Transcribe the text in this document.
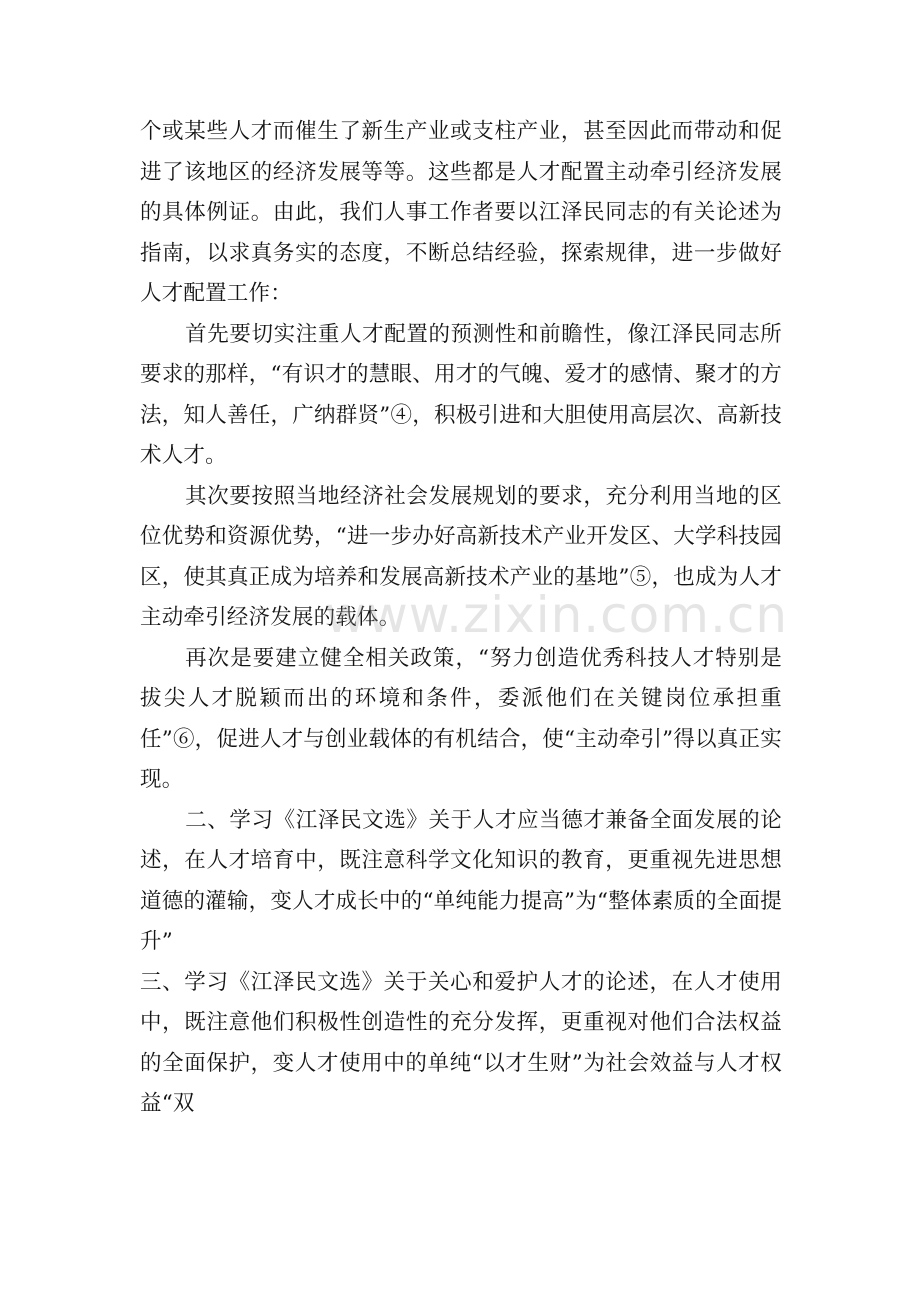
个或某些人才而催生了新生产业或支柱产业，甚至因此而带动和促进了该地区的经济发展等等。这些都是人才配置主动牵引经济发展的具体例证。由此，我们人事工作者要以江泽民同志的有关论述为指南，以求真务实的态度，不断总结经验，探索规律，进一步做好人才配置工作：

首先要切实注重人才配置的预测性和前瞻性，像江泽民同志所要求的那样，“有识才的慧眼、用才的气魄、爱才的感情、聚才的方法，知人善任，广纳群贤”④，积极引进和大胆使用高层次、高新技术人才。

其次要按照当地经济社会发展规划的要求，充分利用当地的区位优势和资源优势，“进一步办好高新技术产业开发区、大学科技园区，使其真正成为培养和发展高新技术产业的基地”⑤，也成为人才主动牵引经济发展的载体。

再次是要建立健全相关政策，“努力创造优秀科技人才特别是拔尖人才脱颖而出的环境和条件，委派他们在关键岗位承担重任”⑥，促进人才与创业载体的有机结合，使“主动牵引”得以真正实现。

二、学习《江泽民文选》关于人才应当德才兼备全面发展的论述，在人才培育中，既注意科学文化知识的教育，更重视先进思想道德的灌输，变人才成长中的“单纯能力提高”为“整体素质的全面提升”

三、学习《江泽民文选》关于关心和爱护人才的论述，在人才使用中，既注意他们积极性创造性的充分发挥，更重视对他们合法权益的全面保护，变人才使用中的单纯“以才生财”为社会效益与人才权益“双

www.zixin.com.cn
